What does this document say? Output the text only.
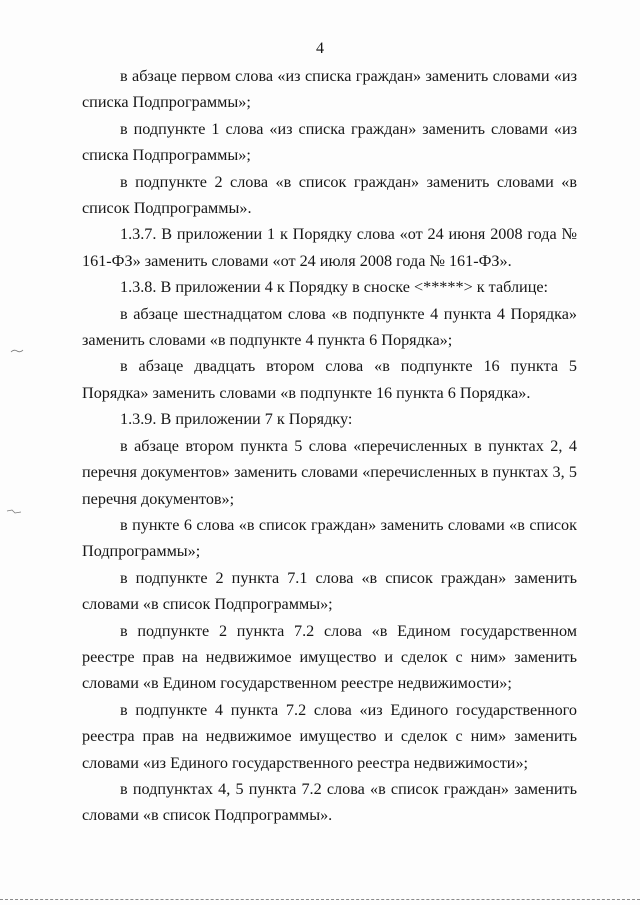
4

в абзаце первом слова «из списка граждан» заменить словами «из списка Подпрограммы»;

в подпункте 1 слова «из списка граждан» заменить словами «из списка Подпрограммы»;

в подпункте 2 слова «в список граждан» заменить словами «в список Подпрограммы».

1.3.7. В приложении 1 к Порядку слова «от 24 июня 2008 года № 161-ФЗ» заменить словами «от 24 июля 2008 года № 161-ФЗ».

1.3.8. В приложении 4 к Порядку в сноске <*****> к таблице:

в абзаце шестнадцатом слова «в подпункте 4 пункта 4 Порядка» заменить словами «в подпункте 4 пункта 6 Порядка»;

в абзаце двадцать втором слова «в подпункте 16 пункта 5 Порядка» заменить словами «в подпункте 16 пункта 6 Порядка».

1.3.9. В приложении 7 к Порядку:

в абзаце втором пункта 5 слова «перечисленных в пунктах 2, 4 перечня документов» заменить словами «перечисленных в пунктах 3, 5 перечня документов»;

в пункте 6 слова «в список граждан» заменить словами «в список Подпрограммы»;

в подпункте 2 пункта 7.1 слова «в список граждан» заменить словами «в список Подпрограммы»;

в подпункте 2 пункта 7.2 слова «в Едином государственном реестре прав на недвижимое имущество и сделок с ним» заменить словами «в Едином государственном реестре недвижимости»;

в подпункте 4 пункта 7.2 слова «из Единого государственного реестра прав на недвижимое имущество и сделок с ним» заменить словами «из Единого государственного реестра недвижимости»;

в подпунктах 4, 5 пункта 7.2 слова «в список граждан» заменить словами «в список Подпрограммы».
